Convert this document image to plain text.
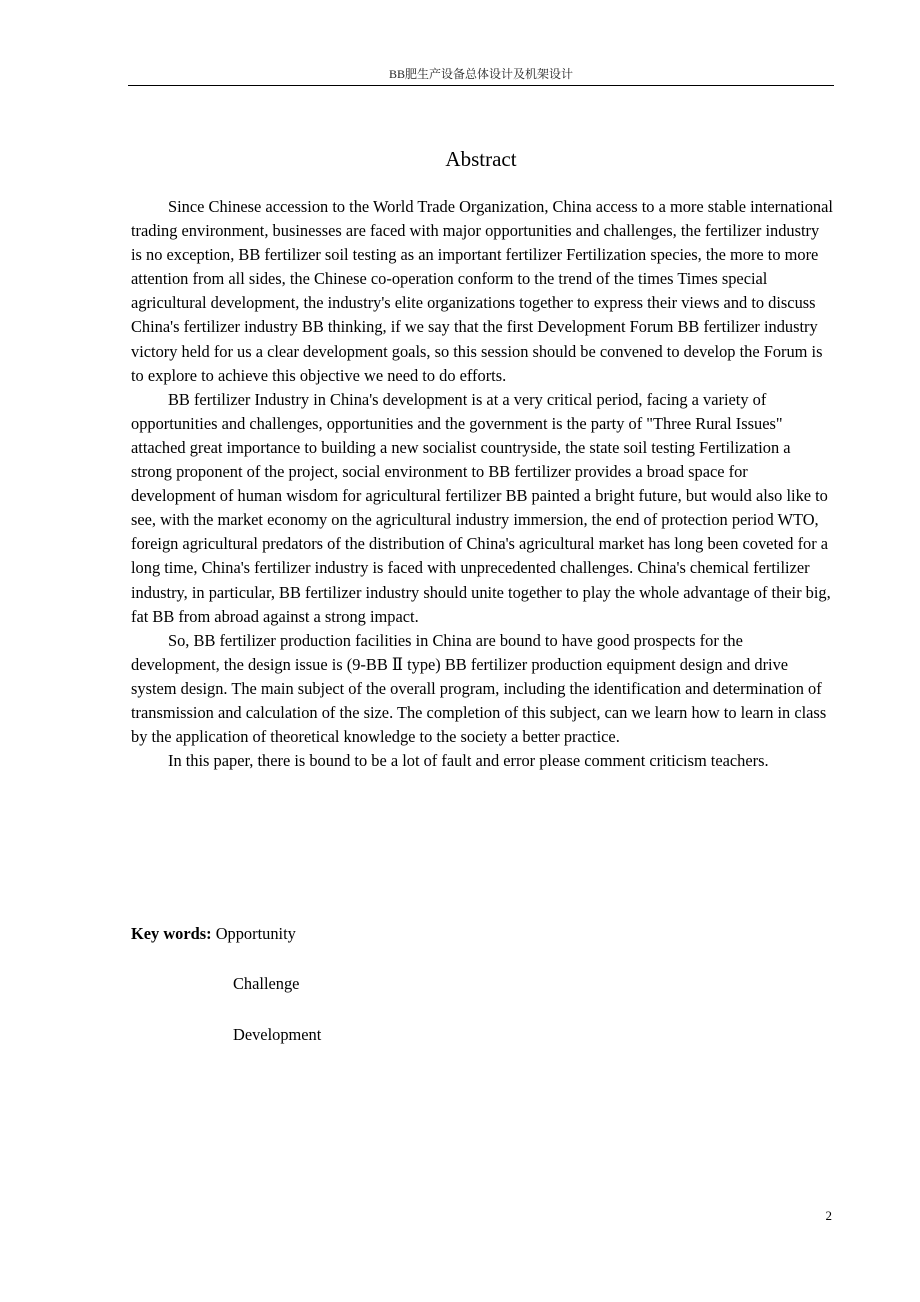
BB肥生产设备总体设计及机架设计
Abstract

Since Chinese accession to the World Trade Organization, China access to a more stable international trading environment, businesses are faced with major opportunities and challenges, the fertilizer industry is no exception, BB fertilizer soil testing as an important fertilizer Fertilization species, the more to more attention from all sides, the Chinese co-operation conform to the trend of the times Times special agricultural development, the industry's elite organizations together to express their views and to discuss China's fertilizer industry BB thinking, if we say that the first Development Forum BB fertilizer industry victory held for us a clear development goals, so this session should be convened to develop the Forum is to explore to achieve this objective we need to do efforts.

BB fertilizer Industry in China's development is at a very critical period, facing a variety of opportunities and challenges, opportunities and the government is the party of "Three Rural Issues" attached great importance to building a new socialist countryside, the state soil testing Fertilization a strong proponent of the project, social environment to BB fertilizer provides a broad space for development of human wisdom for agricultural fertilizer BB painted a bright future, but would also like to see, with the market economy on the agricultural industry immersion, the end of protection period WTO, foreign agricultural predators of the distribution of China's agricultural market has long been coveted for a long time, China's fertilizer industry is faced with unprecedented challenges. China's chemical fertilizer industry, in particular, BB fertilizer industry should unite together to play the whole advantage of their big, fat BB from abroad against a strong impact.

So, BB fertilizer production facilities in China are bound to have good prospects for the development, the design issue is (9-BB Ⅱ type) BB fertilizer production equipment design and drive system design. The main subject of the overall program, including the identification and determination of transmission and calculation of the size. The completion of this subject, can we learn how to learn in class by the application of theoretical knowledge to the society a better practice.

In this paper, there is bound to be a lot of fault and error please comment criticism teachers.

Key words: Opportunity
Challenge
Development
2
